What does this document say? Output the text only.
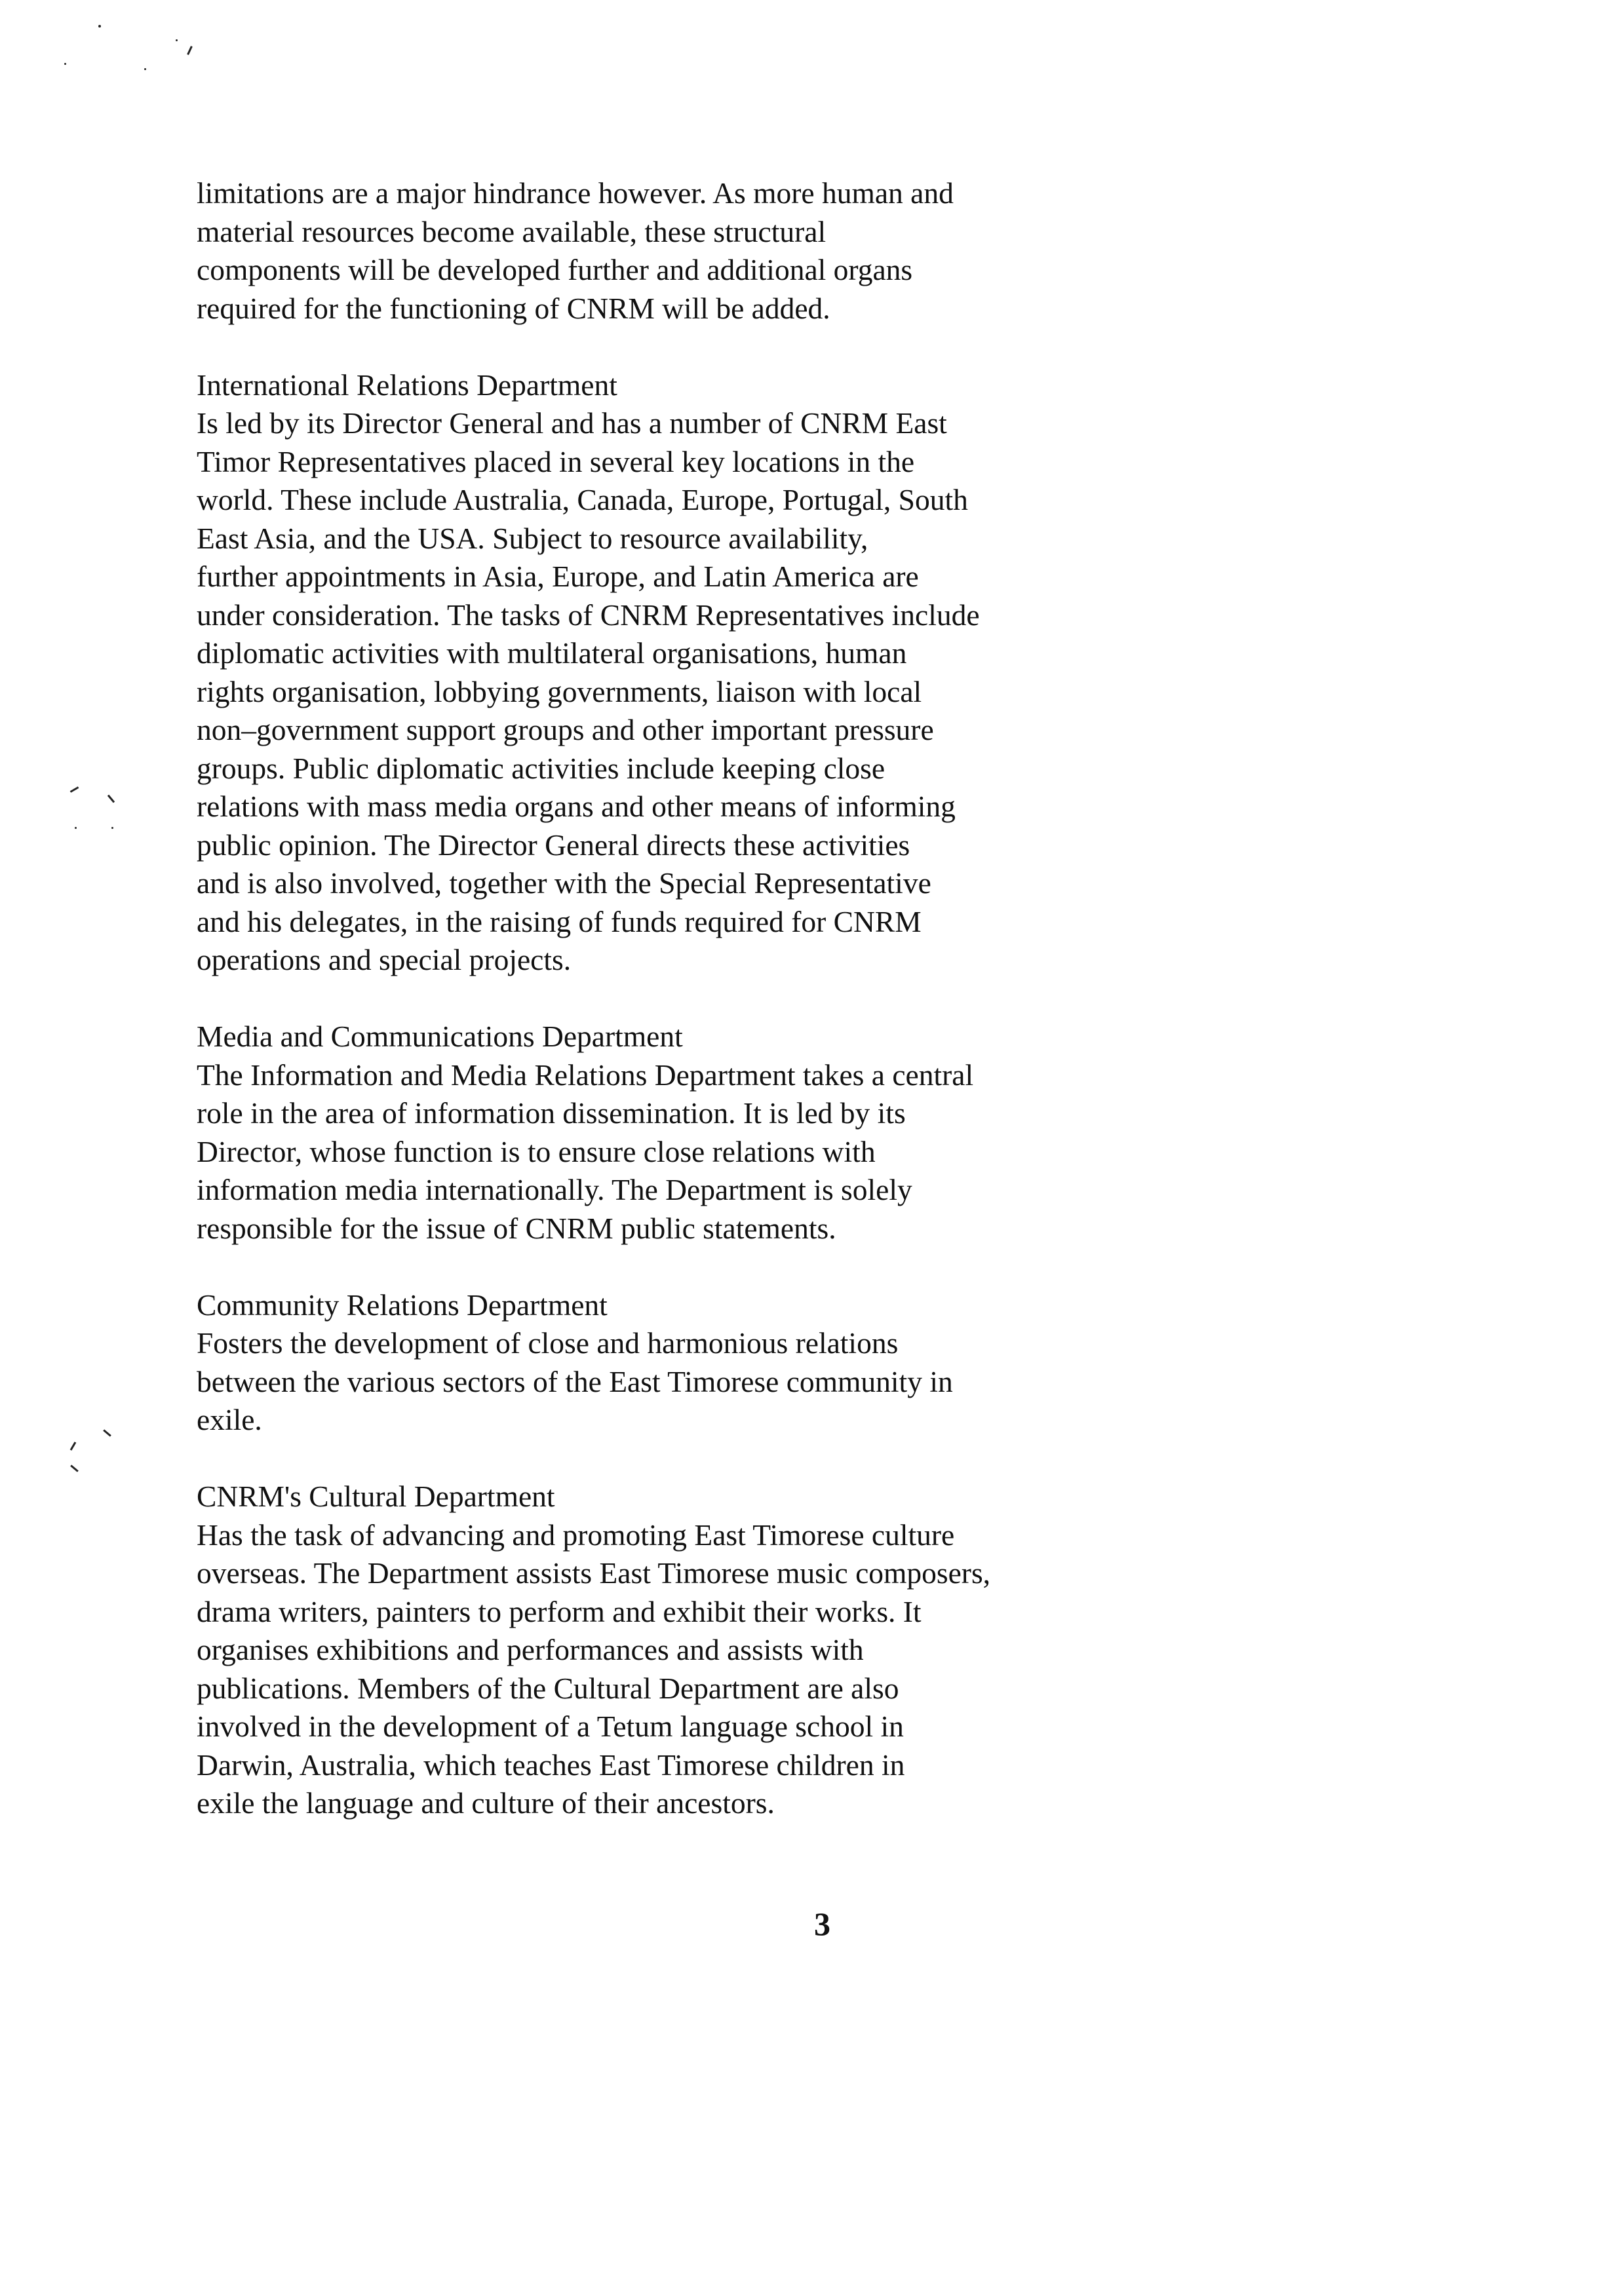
limitations are a major hindrance however. As more human and
material resources become available, these structural
components will be developed further and additional organs
required for the functioning of CNRM will be added.
International Relations Department
Is led by its Director General and has a number of CNRM East
Timor Representatives placed in several key locations in the
world. These include Australia, Canada, Europe, Portugal, South
East Asia, and the USA. Subject to resource availability,
further appointments in Asia, Europe, and Latin America are
under consideration. The tasks of CNRM Representatives include
diplomatic activities with multilateral organisations, human
rights organisation, lobbying governments, liaison with local
non–government support groups and other important pressure
groups. Public diplomatic activities include keeping close
relations with mass media organs and other means of informing
public opinion. The Director General directs these activities
and is also involved, together with the Special Representative
and his delegates, in the raising of funds required for CNRM
operations and special projects.
Media and Communications Department
The Information and Media Relations Department takes a central
role in the area of information dissemination. It is led by its
Director, whose function is to ensure close relations with
information media internationally. The Department is solely
responsible for the issue of CNRM public statements.
Community Relations Department
Fosters the development of close and harmonious relations
between the various sectors of the East Timorese community in
exile.
CNRM's Cultural Department
Has the task of advancing and promoting East Timorese culture
overseas. The Department assists East Timorese music composers,
drama writers, painters to perform and exhibit their works. It
organises exhibitions and performances and assists with
publications. Members of the Cultural Department are also
involved in the development of a Tetum language school in
Darwin, Australia, which teaches East Timorese children in
exile the language and culture of their ancestors.
3
